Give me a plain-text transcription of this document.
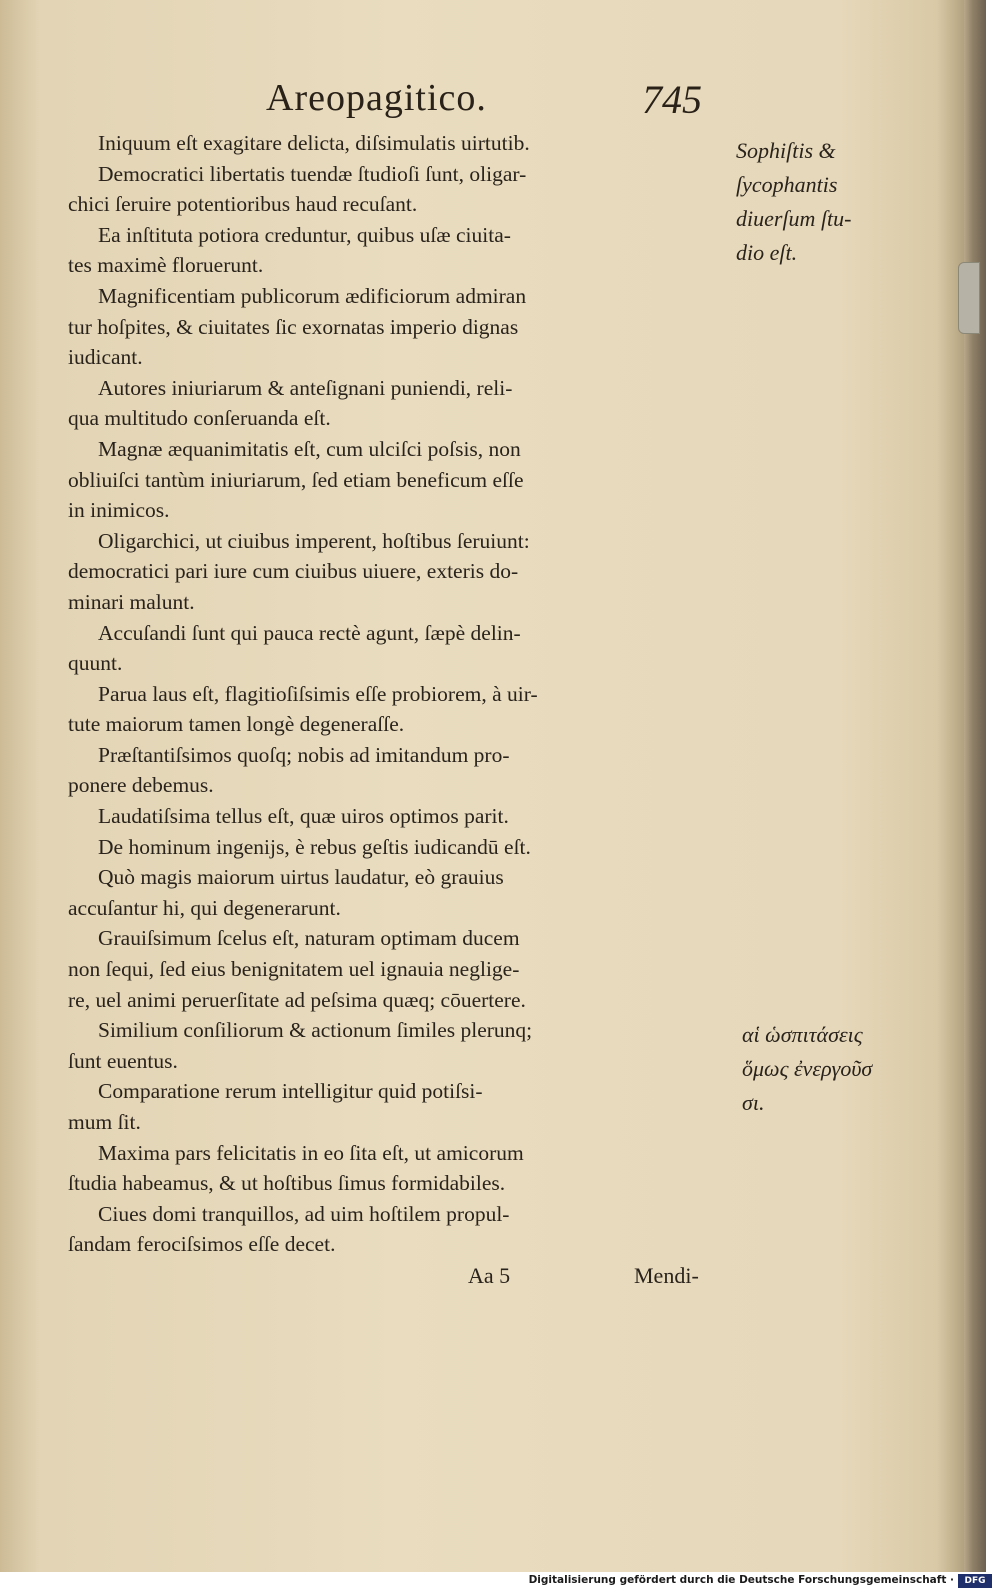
Areopagitico.	745
Iniquum eſt exagitare delicta, diſsimulatis uirtutib.
Democratici libertatis tuendæ ſtudioſi ſunt, oligar-
chici ſeruire potentioribus haud recuſant.
Ea inſtituta potiora creduntur, quibus uſæ ciuita-
tes maximè floruerunt.
Magnificentiam publicorum ædificiorum admiran
tur hoſpites, & ciuitates ſic exornatas imperio dignas
iudicant.
Autores iniuriarum & anteſignani puniendi, reli-
qua multitudo conſeruanda eſt.
Magnæ æquanimitatis eſt, cum ulciſci poſsis, non
obliuiſci tantùm iniuriarum, ſed etiam beneficum eſſe
in inimicos.
Oligarchici, ut ciuibus imperent, hoſtibus ſeruiunt:
democratici pari iure cum ciuibus uiuere, exteris do-
minari malunt.
Accuſandi ſunt qui pauca rectè agunt, ſæpè delin-
quunt.
Parua laus eſt, flagitioſiſsimis eſſe probiorem, à uir-
tute maiorum tamen longè degeneraſſe.
Præſtantiſsimos quoſq; nobis ad imitandum pro-
ponere debemus.
Laudatiſsima tellus eſt, quæ uiros optimos parit.
De hominum ingenijs, è rebus geſtis iudicandū eſt.
Quò magis maiorum uirtus laudatur, eò grauius
accuſantur hi, qui degenerarunt.
Grauiſsimum ſcelus eſt, naturam optimam ducem
non ſequi, ſed eius benignitatem uel ignauia neglige-
re, uel animi peruerſitate ad peſsima quæq; cōuertere.
Similium conſiliorum & actionum ſimiles plerunq;
ſunt euentus.
Comparatione rerum intelligitur quid potiſsi-
mum ſit.
Maxima pars felicitatis in eo ſita eſt, ut amicorum
ſtudia habeamus, & ut hoſtibus ſimus formidabiles.
Ciues domi tranquillos, ad uim hoſtilem propul-
ſandam ferociſsimos eſſe decet.
Sophiſtis &
ſycophantis
diuerſum ſtu-
dio eſt.
αἱ ὡσπιτάσεις
ὅμως ἐνεργοῦσ
σι.
Aa 5	Mendi-
Digitalisierung gefördert durch die Deutsche Forschungsgemeinschaft ·	DFG
